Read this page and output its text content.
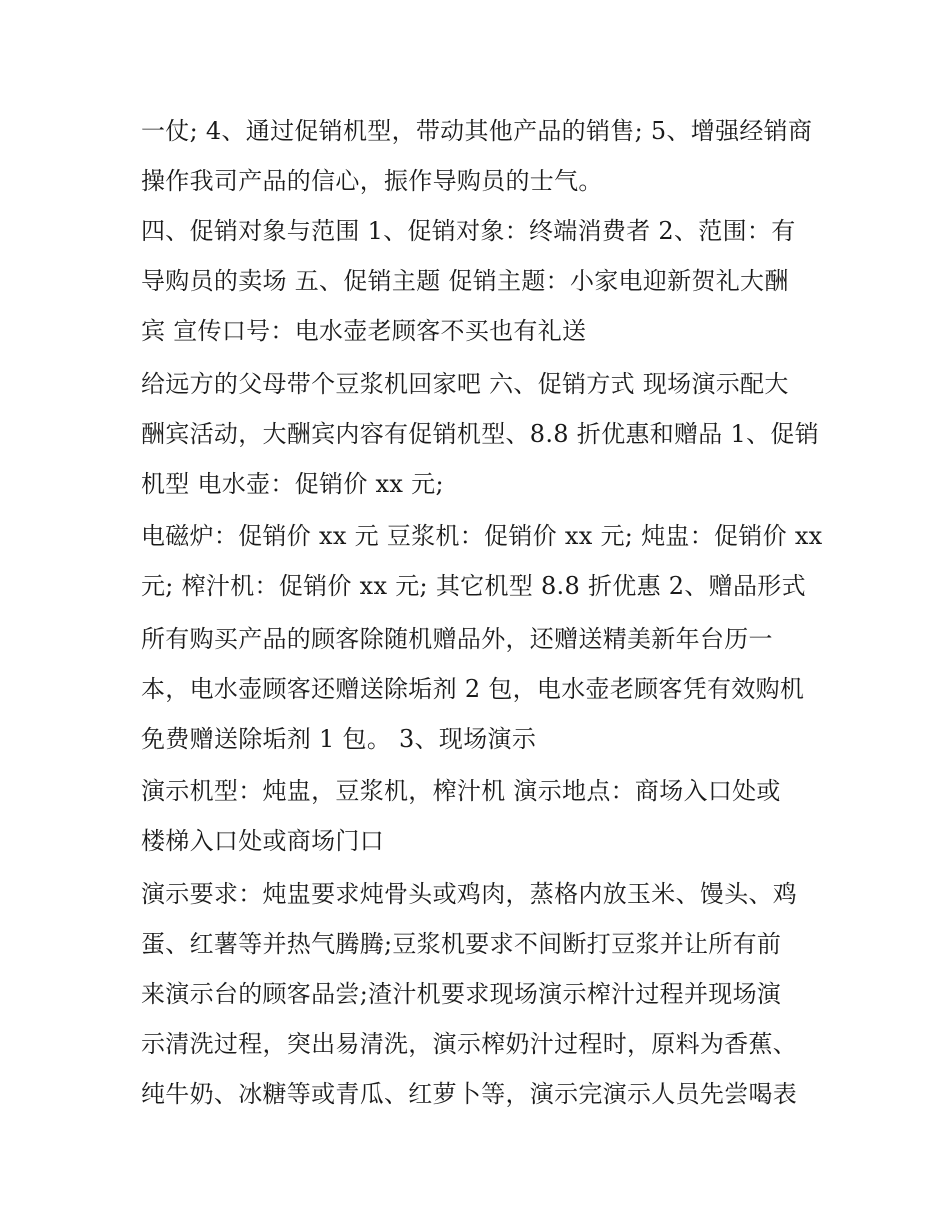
一仗; 4、通过促销机型，带动其他产品的销售; 5、增强经销商
操作我司产品的信心，振作导购员的士气。
四、促销对象与范围 1、促销对象：终端消费者 2、范围：有
导购员的卖场 五、促销主题 促销主题：小家电迎新贺礼大酬
宾 宣传口号：电水壶老顾客不买也有礼送
给远方的父母带个豆浆机回家吧 六、促销方式 现场演示配大
酬宾活动，大酬宾内容有促销机型、8.8 折优惠和赠品 1、促销
机型 电水壶：促销价 xx 元;
电磁炉：促销价 xx 元 豆浆机：促销价 xx 元; 炖盅：促销价 xx
元; 榨汁机：促销价 xx 元; 其它机型 8.8 折优惠 2、赠品形式
所有购买产品的顾客除随机赠品外，还赠送精美新年台历一
本，电水壶顾客还赠送除垢剂 2 包，电水壶老顾客凭有效购机
免费赠送除垢剂 1 包。 3、现场演示
演示机型：炖盅，豆浆机，榨汁机 演示地点：商场入口处或
楼梯入口处或商场门口
演示要求：炖盅要求炖骨头或鸡肉，蒸格内放玉米、馒头、鸡
蛋、红薯等并热气腾腾;豆浆机要求不间断打豆浆并让所有前
来演示台的顾客品尝;渣汁机要求现场演示榨汁过程并现场演
示清洗过程，突出易清洗，演示榨奶汁过程时，原料为香蕉、
纯牛奶、冰糖等或青瓜、红萝卜等，演示完演示人员先尝喝表
